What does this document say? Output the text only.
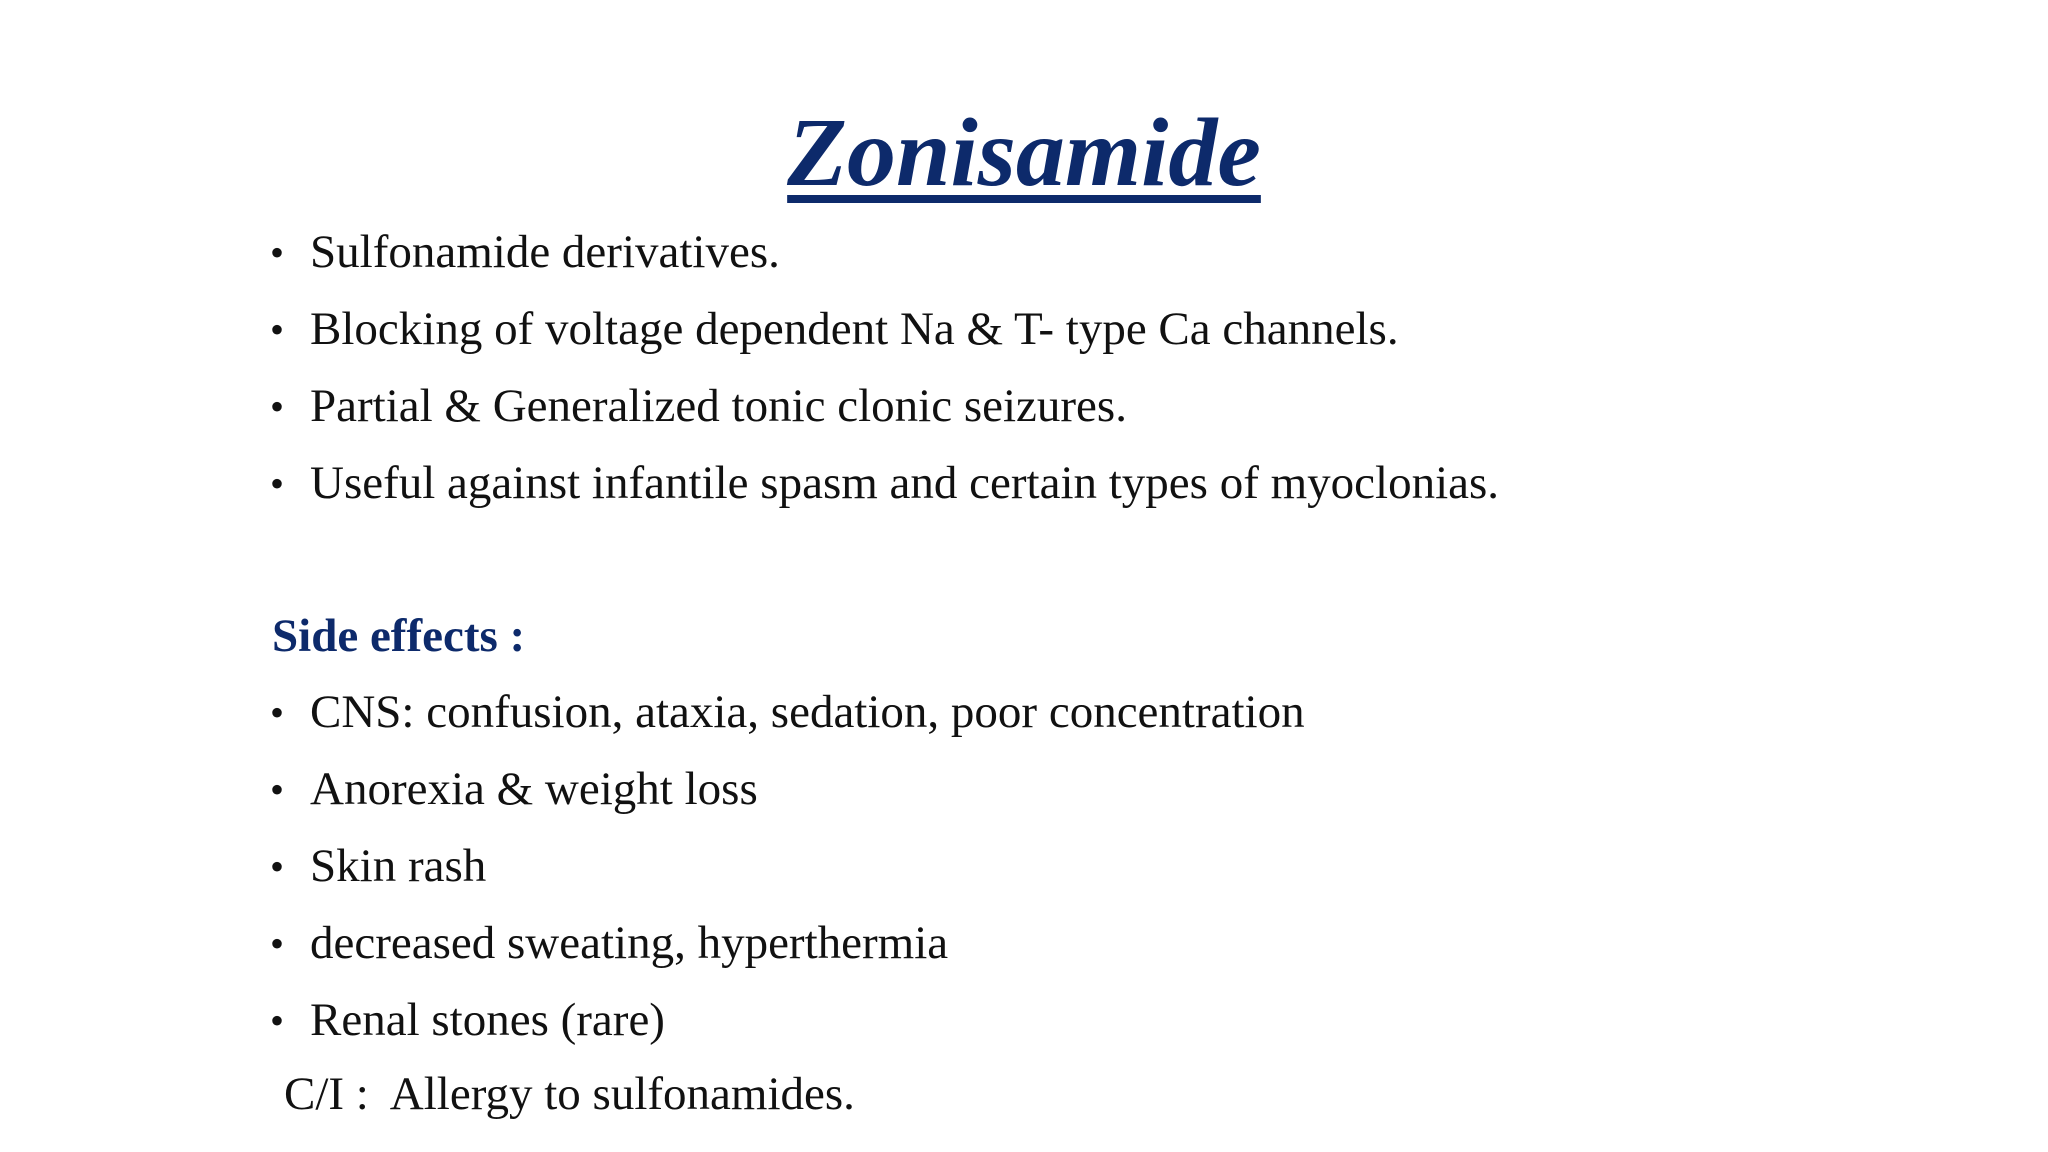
Zonisamide
• Sulfonamide derivatives.
• Blocking of voltage dependent Na & T- type Ca channels.
• Partial & Generalized tonic clonic seizures.
• Useful against infantile spasm and certain types of myoclonias.
Side effects :
• CNS: confusion, ataxia, sedation, poor concentration
• Anorexia & weight loss
• Skin rash
• decreased sweating, hyperthermia
• Renal stones (rare)

C/I :  Allergy to sulfonamides.
